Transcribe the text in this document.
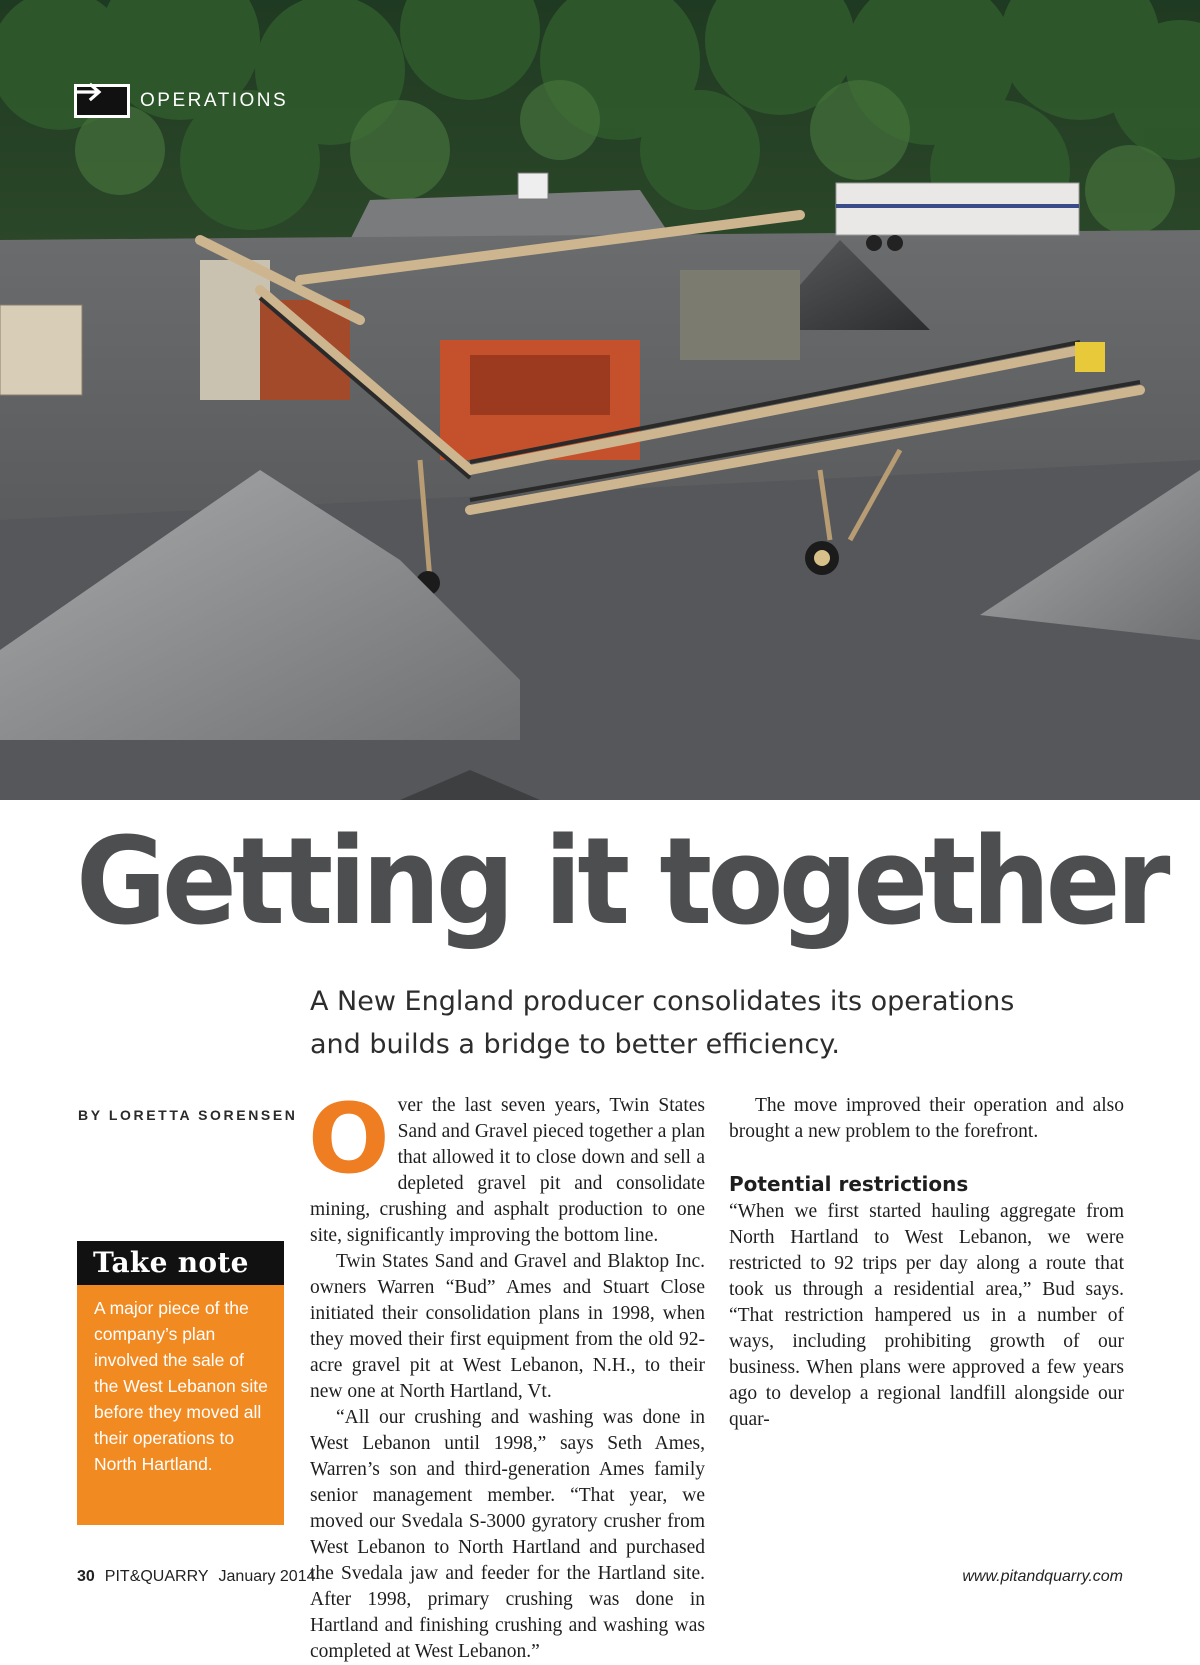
OPERATIONS
Getting it together
A New England producer consolidates its operations and builds a bridge to better efficiency.
BY LORETTA SORENSEN
Take note

A major piece of the company’s plan involved the sale of the West Lebanon site before they moved all their operations to North Hartland.

Over the last seven years, Twin States Sand and Gravel pieced together a plan that allowed it to close down and sell a depleted gravel pit and consolidate mining, crushing and asphalt production to one site, significantly improving the bottom line.

Twin States Sand and Gravel and Blaktop Inc. owners Warren “Bud” Ames and Stuart Close initiated their consolidation plans in 1998, when they moved their first equipment from the old 92-acre gravel pit at West Lebanon, N.H., to their new one at North Hartland, Vt.

“All our crushing and washing was done in West Lebanon until 1998,” says Seth Ames, Warren’s son and third-generation Ames family senior management member. “That year, we moved our Svedala S-3000 gyratory crusher from West Lebanon to North Hartland and purchased the Svedala jaw and feeder for the Hartland site. After 1998, primary crushing was done in Hartland and finishing crushing and washing was completed at West Lebanon.”

The move improved their operation and also brought a new problem to the forefront.

Potential restrictions

“When we first started hauling aggregate from North Hartland to West Lebanon, we were restricted to 92 trips per day along a route that took us through a residential area,” Bud says. “That restriction hampered us in a number of ways, including prohibiting growth of our business. When plans were approved a few years ago to develop a regional landfill alongside our quar-

30 PIT&QUARRY January 2014	www.pitandquarry.com
